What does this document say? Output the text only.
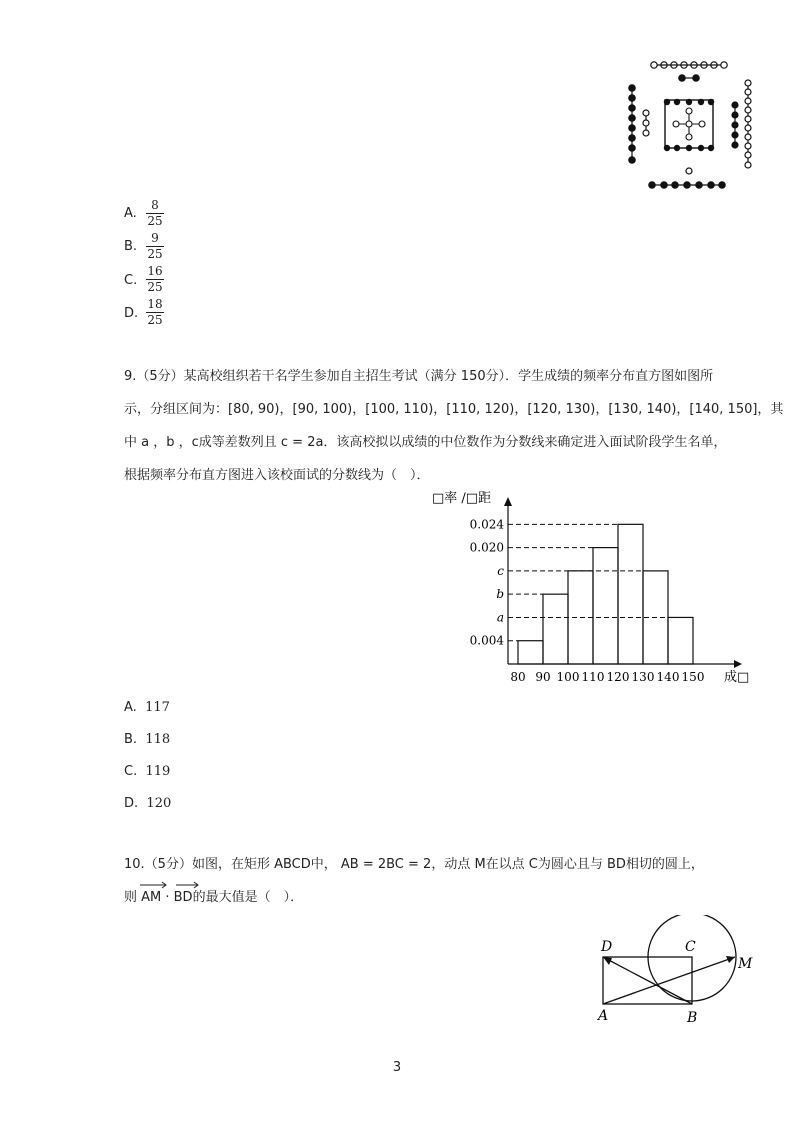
A.
8
25
B.
9
25
C.
16
25
D.
18
25
9.（5分）某高校组织若干名学生参加自主招生考试（满分 150分）．学生成绩的频率分布直方图如图所
示，分组区间为：[80, 90)，[90, 100)，[100, 110)，[110, 120)，[120, 130)，[130, 140)，[140, 150]，其
中 a ，b ，c成等差数列且 c = 2a．该高校拟以成绩的中位数作为分数线来确定进入面试阶段学生名单，
根据频率分布直方图进入该校面试的分数线为（　）．
□率 /□距
成□
0.024
0.020
c
b
a
0.004
80 90 100 110 120 130 140 150
A. 117
B. 118
C. 119
D. 120
10.（5分）如图，在矩形 ABCD中， AB = 2BC = 2，动点 M在以点 C为圆心且与 BD相切的圆上，
则 AM · BD的最大值是（　）．
D	C
M
A	B
3
